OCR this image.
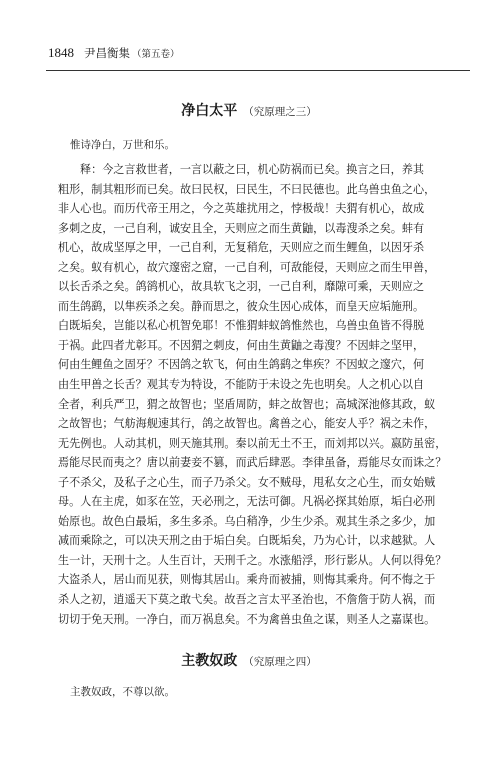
1848 尹昌衡集 （第五卷）
净白太平 （究原理之三）
惟诗净白，万世和乐。
释：今之言救世者，一言以蔽之曰，机心防祸而已矣。换言之曰，养其
粗形，制其粗形而已矣。故曰民权，曰民生，不曰民德也。此乌兽虫鱼之心，
非人心也。而历代帝王用之，今之英雄扰用之，悖极哉！夫猬有机心，故成
多刺之皮，一己自利，诚安且全，天则应之而生黄鼬，以毒溲杀之矣。蚌有
机心，故成坚厚之甲，一己自利，无复稍危，天则应之而生鲤鱼，以因牙杀
之矣。蚁有机心，故穴邃密之窟，一己自利，可敌能侵，天则应之而生甲兽，
以长舌杀之矣。鸽鹆机心，故具软飞之羽，一己自利，靡隙可乘，天则应之
而生鸽鹞，以隼疾杀之矣。静而思之，彼众生因心成体，而皇天应垢施刑。
白既垢矣，岂能以私心机智免耶！不惟猬蚌蚁鸽惟然也，乌兽虫鱼皆不得脱
于祸。此四者尤彰耳。不因猬之刺皮，何由生黄鼬之毒溲？不因蚌之坚甲，
何由生鲤鱼之固牙？不因鸽之软飞，何由生鸽鹞之隼疾？不因蚁之邃穴，何
由生甲兽之长舌？观其专为特设，不能防于未设之先也明矣。人之机心以自
全者，利兵严卫，猬之故智也；坚盾周防，蚌之故智也；高城深池修其政，蚁
之故智也；气舫海舰速其行，鸽之故智也。禽兽之心，能安人乎？祸之未作，
无先例也。人动其机，则天施其刑。秦以前无土不王，而刘邦以兴。嬴防虽密，
焉能尽民而夷之？唐以前妻妾不篡，而武后肆恶。李律虽备，焉能尽女而诛之？
子不杀父，及私子之心生，而子乃杀父。女不贼母，甩私女之心生，而女始贼
母。人在主虎，如豕在笠，天必刑之，无法可御。凡祸必探其始原，垢白必刑
始原也。故色白最垢，多生多杀。乌白稍净，少生少杀。观其生杀之多少，加
减而乘除之，可以决天刑之由于垢白矣。白既垢矣，乃为心计，以求越狱。人
生一计，天刑十之。人生百计，天刑千之。水涨船浮，形行影从。人何以得免？
大盗杀人，居山而见获，则悔其居山。乘舟而被捕，则悔其乘舟。何不悔之于
杀人之初，逍遥天下莫之敢弋矣。故吾之言太平圣治也，不詹詹于防人祸，而
切切于免天刑。一净白，而万祸息矣。不为禽兽虫鱼之谋，则圣人之嘉谋也。
主教奴政 （究原理之四）
主教奴政，不尊以欲。
